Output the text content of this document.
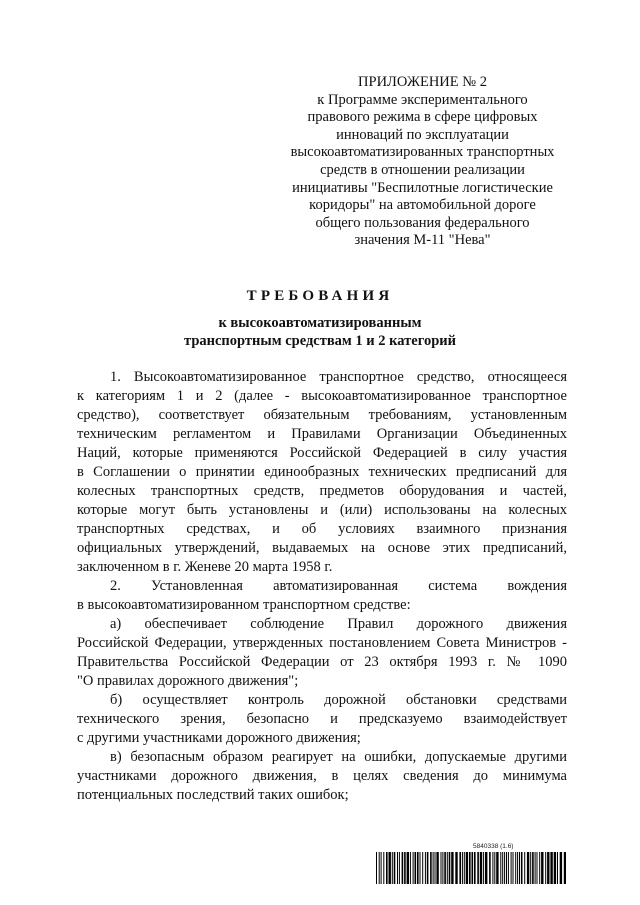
ПРИЛОЖЕНИЕ № 2
к Программе экспериментального
правового режима в сфере цифровых
инноваций по эксплуатации
высокоавтоматизированных транспортных
средств в отношении реализации
инициативы "Беспилотные логистические
коридоры" на автомобильной дороге
общего пользования федерального
значения М-11 "Нева"
ТРЕБОВАНИЯ
к высокоавтоматизированным
транспортным средствам 1 и 2 категорий
1. Высокоавтоматизированное транспортное средство, относящееся
к категориям 1 и 2 (далее - высокоавтоматизированное транспортное
средство), соответствует обязательным требованиям, установленным
техническим регламентом и Правилами Организации Объединенных
Наций, которые применяются Российской Федерацией в силу участия
в Соглашении о принятии единообразных технических предписаний для
колесных транспортных средств, предметов оборудования и частей,
которые могут быть установлены и (или) использованы на колесных
транспортных средствах, и об условиях взаимного признания
официальных утверждений, выдаваемых на основе этих предписаний,
заключенном в г. Женеве 20 марта 1958 г.
2. Установленная автоматизированная система вождения
в высокоавтоматизированном транспортном средстве:
а) обеспечивает соблюдение Правил дорожного движения
Российской Федерации, утвержденных постановлением Совета Министров -
Правительства Российской Федерации от 23 октября 1993 г. № 1090
"О правилах дорожного движения";
б) осуществляет контроль дорожной обстановки средствами
технического зрения, безопасно и предсказуемо взаимодействует
с другими участниками дорожного движения;
в) безопасным образом реагирует на ошибки, допускаемые другими
участниками дорожного движения, в целях сведения до минимума
потенциальных последствий таких ошибок;
5840338 (1.6)
